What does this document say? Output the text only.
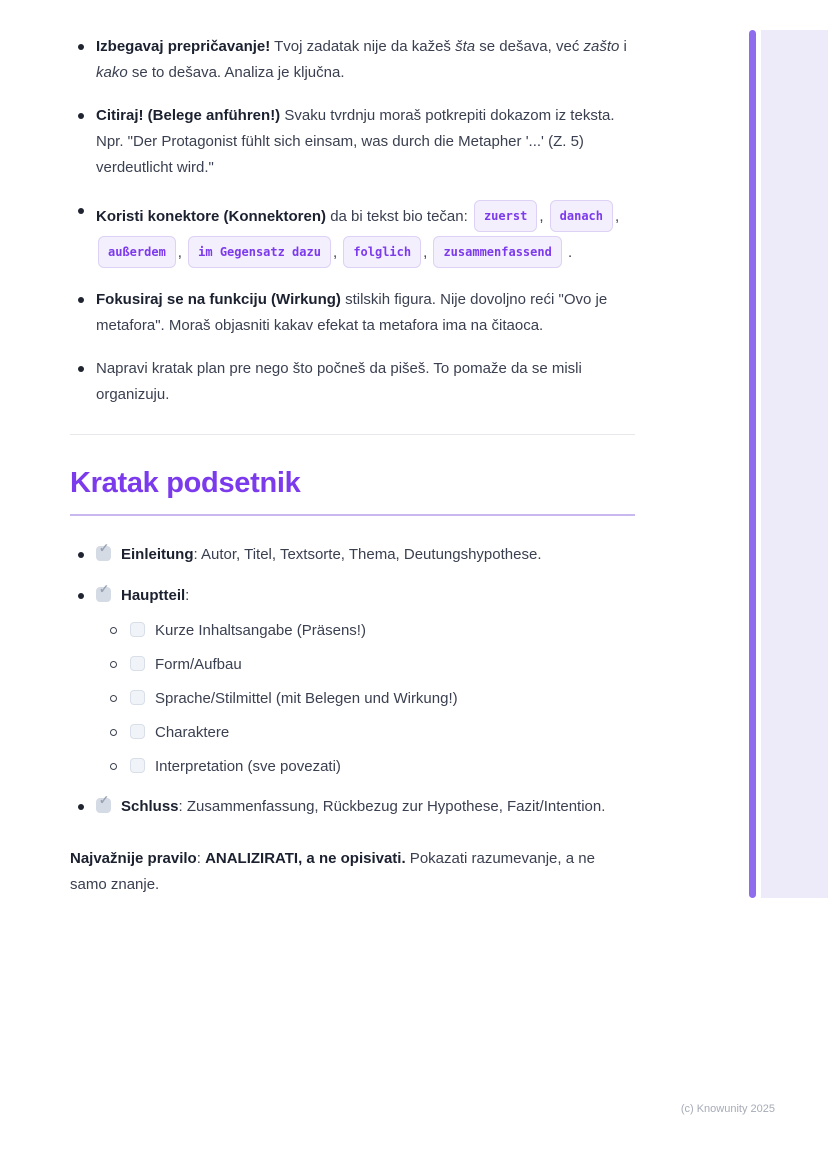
Izbegavaj prepričavanje! Tvoj zadatak nije da kažeš šta se dešava, već zašto i kako se to dešava. Analiza je ključna.
Citiraj! (Belege anführen!) Svaku tvrdnju moraš potkrepiti dokazom iz teksta. Npr. "Der Protagonist fühlt sich einsam, was durch die Metapher '...' (Z. 5) verdeutlicht wird."
Koristi konektore (Konnektoren) da bi tekst bio tečan: zuerst , danach , außerdem , im Gegensatz dazu , folglich , zusammenfassend .
Fokusiraj se na funkciju (Wirkung) stilskih figura. Nije dovoljno reći "Ovo je metafora". Moraš objasniti kakav efekat ta metafora ima na čitaoca.
Napravi kratak plan pre nego što počneš da pišeš. To pomaže da se misli organizuju.
Kratak podsetnik
✓Einleitung: Autor, Titel, Textsorte, Thema, Deutungshypothese.
✓Hauptteil:
Kurze Inhaltsangabe (Präsens!)
Form/Aufbau
Sprache/Stilmittel (mit Belegen und Wirkung!)
Charaktere
Interpretation (sve povezati)
✓Schluss: Zusammenfassung, Rückbezug zur Hypothese, Fazit/Intention.

Najvažnije pravilo: ANALIZIRATI, a ne opisivati. Pokazati razumevanje, a ne samo znanje.

(c) Knowunity 2025
